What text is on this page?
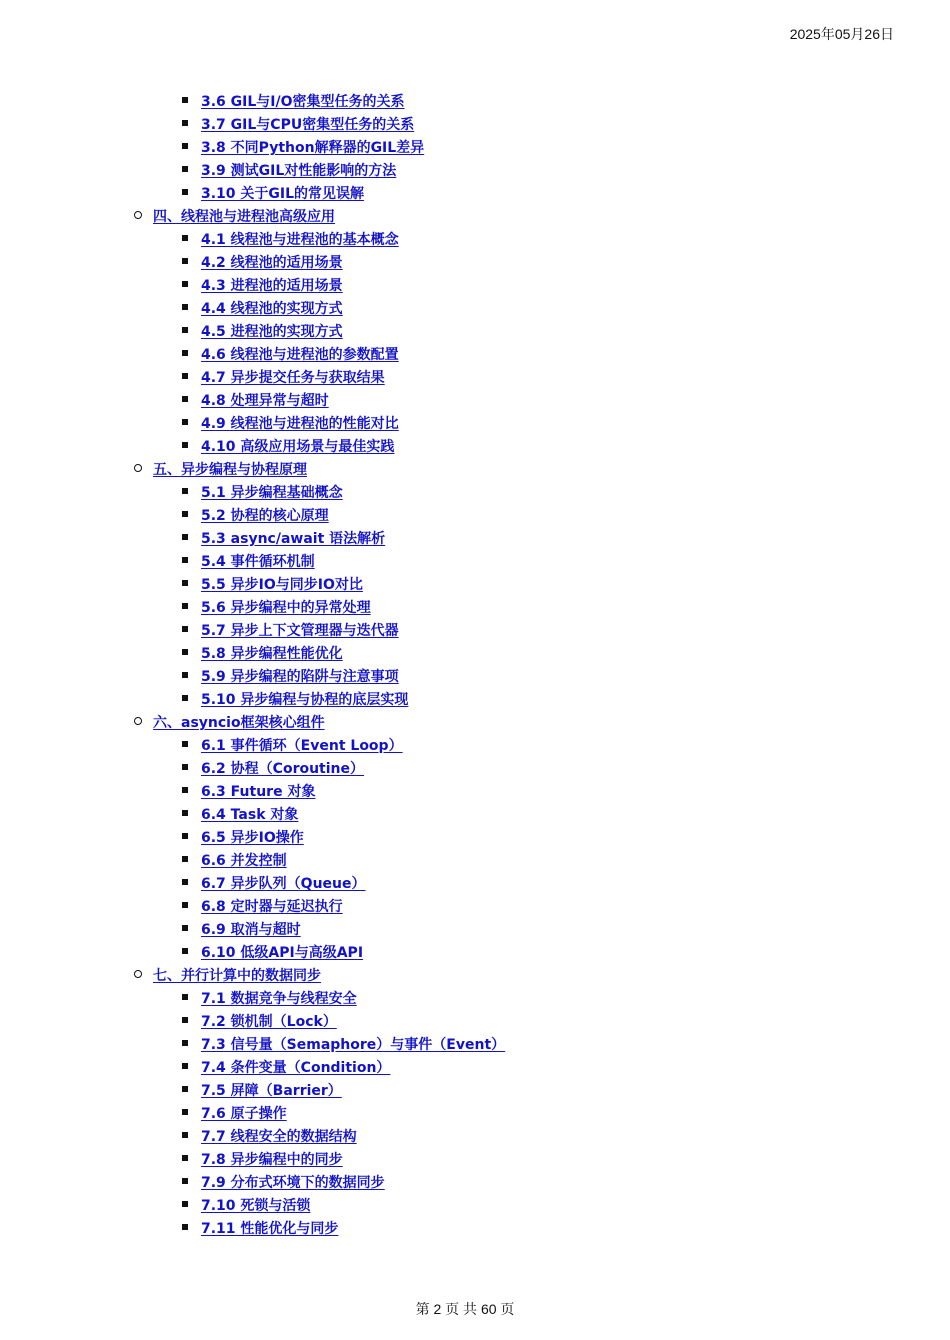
2025年05月26日
3.6 GIL与I/O密集型任务的关系
3.7 GIL与CPU密集型任务的关系
3.8 不同Python解释器的GIL差异
3.9 测试GIL对性能影响的方法
3.10 关于GIL的常见误解
四、线程池与进程池高级应用
4.1 线程池与进程池的基本概念
4.2 线程池的适用场景
4.3 进程池的适用场景
4.4 线程池的实现方式
4.5 进程池的实现方式
4.6 线程池与进程池的参数配置
4.7 异步提交任务与获取结果
4.8 处理异常与超时
4.9 线程池与进程池的性能对比
4.10 高级应用场景与最佳实践
五、异步编程与协程原理
5.1 异步编程基础概念
5.2 协程的核心原理
5.3 async/await 语法解析
5.4 事件循环机制
5.5 异步IO与同步IO对比
5.6 异步编程中的异常处理
5.7 异步上下文管理器与迭代器
5.8 异步编程性能优化
5.9 异步编程的陷阱与注意事项
5.10 异步编程与协程的底层实现
六、asyncio框架核心组件
6.1 事件循环（Event Loop）
6.2 协程（Coroutine）
6.3 Future 对象
6.4 Task 对象
6.5 异步IO操作
6.6 并发控制
6.7 异步队列（Queue）
6.8 定时器与延迟执行
6.9 取消与超时
6.10 低级API与高级API
七、并行计算中的数据同步
7.1 数据竞争与线程安全
7.2 锁机制（Lock）
7.3 信号量（Semaphore）与事件（Event）
7.4 条件变量（Condition）
7.5 屏障（Barrier）
7.6 原子操作
7.7 线程安全的数据结构
7.8 异步编程中的同步
7.9 分布式环境下的数据同步
7.10 死锁与活锁
7.11 性能优化与同步
第 2 页 共 60 页
